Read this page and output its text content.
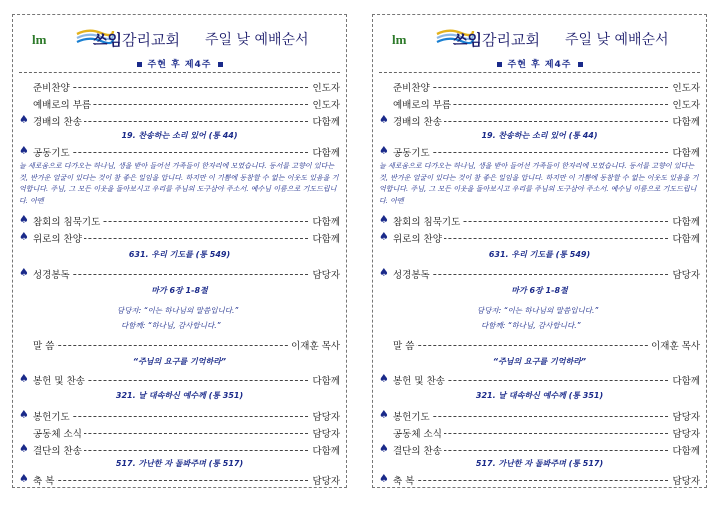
lm	쓰임감리교회 주일 낮 예배순서
주현 후 제4주
준비찬양	인도자
예배로의 부름	인도자
♠ 경배의 찬송	다함께
♠ 공동기도	다함께
♠ 참회의 침묵기도	다함께
♠ 위로의 찬양	다함께
♠ 성경봉독	담당자
말 씀	이재훈 목사
♠ 봉헌 및 찬송	다함께
♠ 봉헌기도	담당자
공동체 소식	담당자
♠ 결단의 찬송	다함께
♠ 축 복	담당자
19. 찬송하는 소리 있어 (통 44)
늘 새로움으로 다가오는 하나님, 생을 받아 들어선 가족들이 한자리에 모였습니다. 동서를 고향이 있다는 것, 반가운 얼굴이 있다는 것이 참 좋은 일임을 압니다. 하지만 이 기쁨에 동참할 수 없는 이웃도 있음을 기억합니다. 주님, 그 모든 이웃을 돌아보시고 우리를 주님의 도구삼아 주소서. 예수님 이름으로 기도드립니다. 아멘
631. 우리 기도를 (통 549)
마가 6장 1-8절
담당자: “이는 하나님의 말씀입니다.”
다함께: “하나님, 감사합니다.”
“주님의 요구를 기억하라”
321. 날 대속하신 예수께 (통 351)
517. 가난한 자 돌봐주며 (통 517)
lm	쓰임감리교회 주일 낮 예배순서
주현 후 제4주
준비찬양	인도자
예배로의 부름	인도자
♠ 경배의 찬송	다함께
♠ 공동기도	다함께
♠ 참회의 침묵기도	다함께
♠ 위로의 찬양	다함께
♠ 성경봉독	담당자
말 씀	이재훈 목사
♠ 봉헌 및 찬송	다함께
♠ 봉헌기도	담당자
공동체 소식	담당자
♠ 결단의 찬송	다함께
♠ 축 복	담당자
19. 찬송하는 소리 있어 (통 44)
늘 새로움으로 다가오는 하나님, 생을 받아 들어선 가족들이 한자리에 모였습니다. 동서를 고향이 있다는 것, 반가운 얼굴이 있다는 것이 참 좋은 일임을 압니다. 하지만 이 기쁨에 동참할 수 없는 이웃도 있음을 기억합니다. 주님, 그 모든 이웃을 돌아보시고 우리를 주님의 도구삼아 주소서. 예수님 이름으로 기도드립니다. 아멘
631. 우리 기도를 (통 549)
마가 6장 1-8절
담당자: “이는 하나님의 말씀입니다.”
다함께: “하나님, 감사합니다.”
“주님의 요구를 기억하라”
321. 날 대속하신 예수께 (통 351)
517. 가난한 자 돌봐주며 (통 517)
